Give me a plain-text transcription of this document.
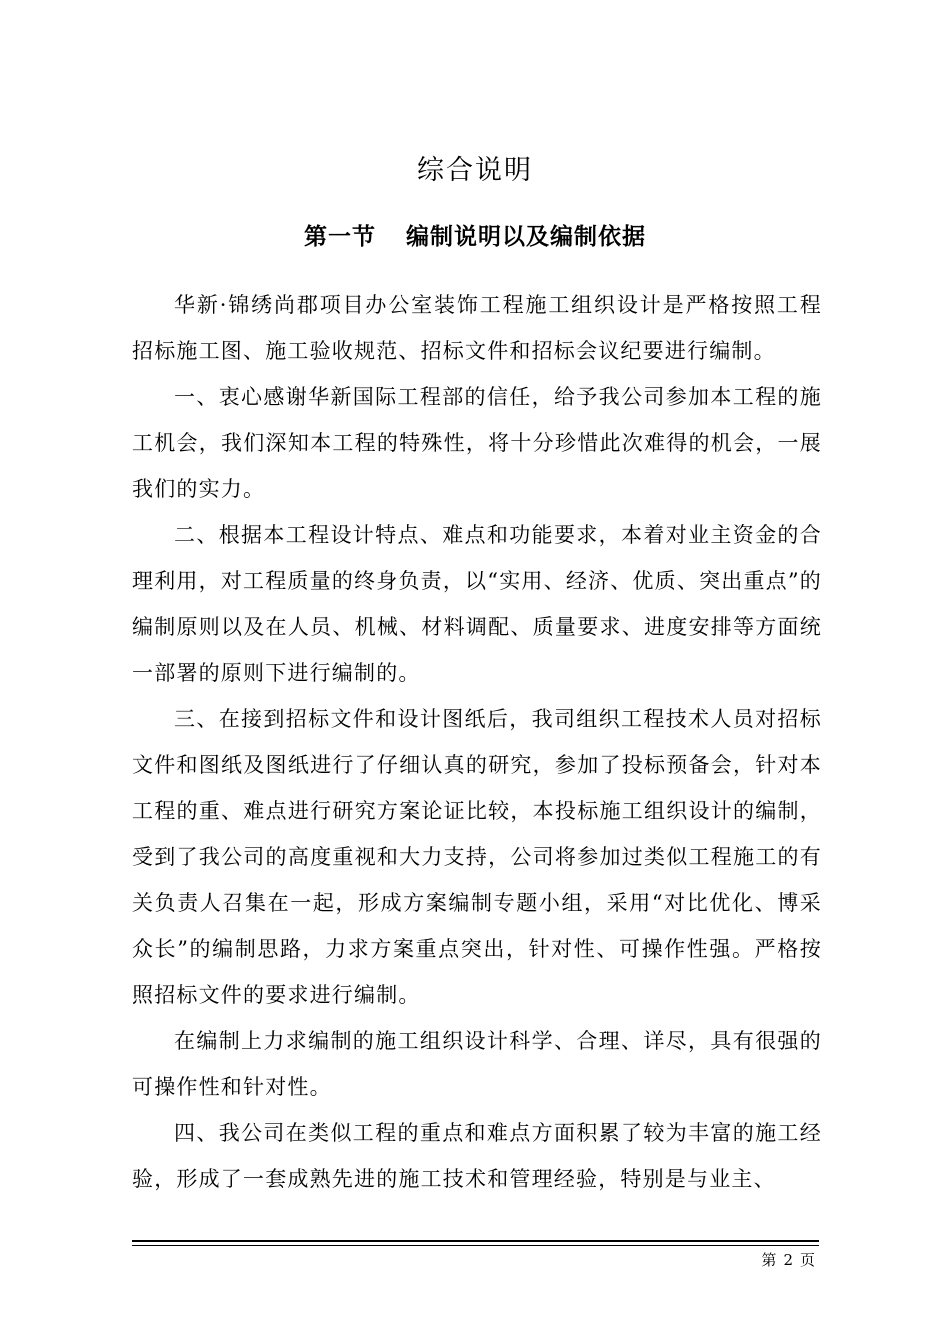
综合说明
第一节 编制说明以及编制依据

华新·锦绣尚郡项目办公室装饰工程施工组织设计是严格按照工程招标施工图、施工验收规范、招标文件和招标会议纪要进行编制。

一、衷心感谢华新国际工程部的信任，给予我公司参加本工程的施工机会，我们深知本工程的特殊性，将十分珍惜此次难得的机会，一展我们的实力。

二、根据本工程设计特点、难点和功能要求，本着对业主资金的合理利用，对工程质量的终身负责，以“实用、经济、优质、突出重点”的编制原则以及在人员、机械、材料调配、质量要求、进度安排等方面统一部署的原则下进行编制的。

三、在接到招标文件和设计图纸后，我司组织工程技术人员对招标文件和图纸及图纸进行了仔细认真的研究，参加了投标预备会，针对本工程的重、难点进行研究方案论证比较，本投标施工组织设计的编制，受到了我公司的高度重视和大力支持，公司将参加过类似工程施工的有关负责人召集在一起，形成方案编制专题小组，采用“对比优化、博采众长”的编制思路，力求方案重点突出，针对性、可操作性强。严格按照招标文件的要求进行编制。

在编制上力求编制的施工组织设计科学、合理、详尽，具有很强的可操作性和针对性。

四、我公司在类似工程的重点和难点方面积累了较为丰富的施工经验，形成了一套成熟先进的施工技术和管理经验，特别是与业主、

第 2 页
